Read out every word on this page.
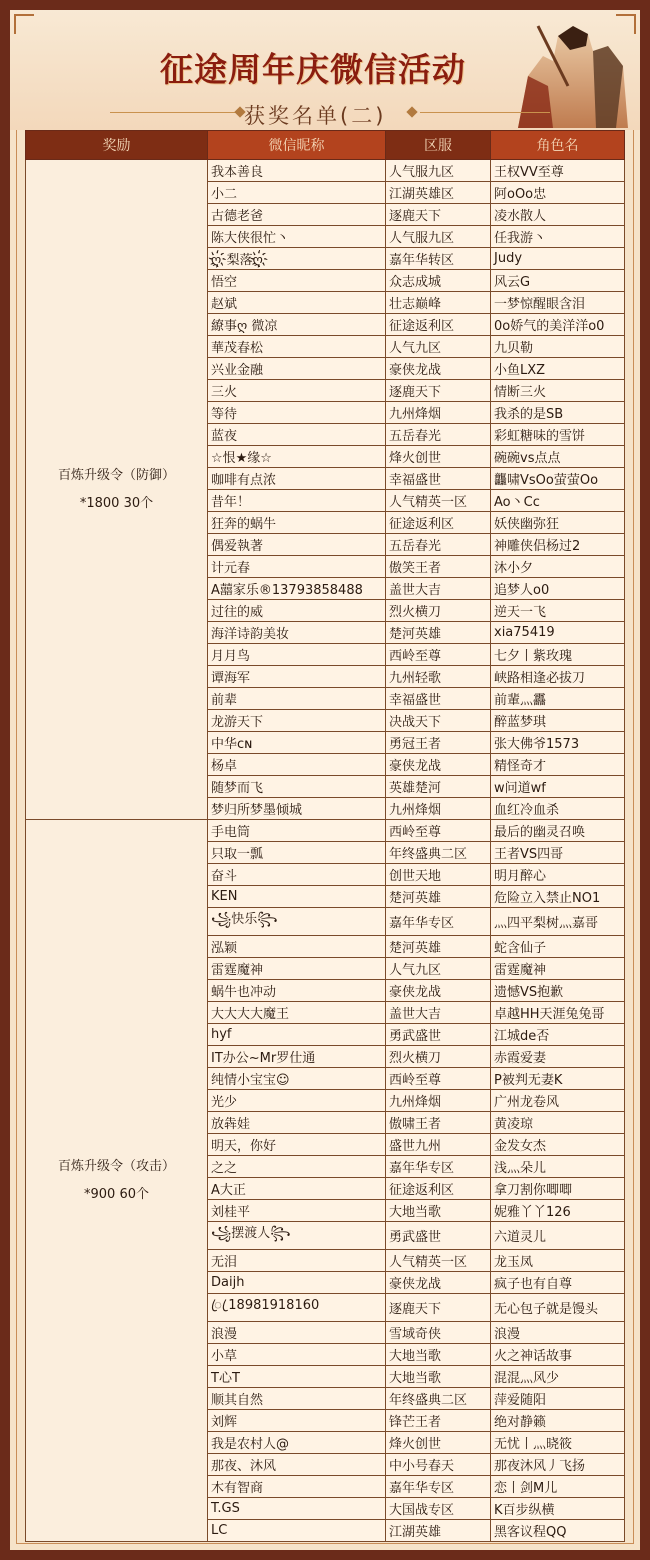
征途周年庆微信活动
获奖名单(二)
奖励	微信昵称	区服	角色名

百炼升级令（防御）
*1800 30个	我本善良	人气服九区	王权VV至尊
	小二	江湖英雄区	阿oOo忠
	古德老爸	逐鹿天下	凌水散人
	陈大侠很忙丶	人气服九区	任我游丶
	ღ҉梨落ღ҉	嘉年华转区	Judy
	悟空	众志成城	风云G
	赵斌	壮志巅峰	一梦惊醒眼含泪
	繚事ღ 微凉	征途返利区	0o娇气的美洋洋o0
	華茂春松	人气九区	九贝勒
	兴业金融	豪侠龙战	小鱼LXZ
	三火	逐鹿天下	情断三火
	等待	九州烽烟	我杀的是SB
	蓝夜	五岳春光	彩虹糖味的雪饼
	☆恨★缘☆	烽火创世	碗碗vs点点
	咖啡有点浓	幸福盛世	龘啸VsOo萤萤Oo
	昔年！	人气精英一区	Ao丶Cc
	狂奔的蜗牛	征途返利区	妖侠幽弥狂
	偶爱執著	五岳春光	神雕侠侣杨过2
	计元春	傲笑王者	沐小夕
	A囍家乐®13793858488	盖世大吉	追梦人o0
	过往的威	烈火横刀	逆天一飞
	海洋诗韵美妆	楚河英雄	xia75419
	月月鸟	西岭至尊	七夕丨紫玫瑰
	谭海军	九州轻歌	峡路相逢必拔刀
	前辈	幸福盛世	前輩灬靐
	龙游天下	决战天下	醉蓝梦琪
	中华ᴄɴ	勇冠王者	张大佛爷1573
	杨卓	豪侠龙战	精怪奇才
	随梦而飞	英雄楚河	w问道wf
	梦归所梦墨倾城	九州烽烟	血红冷血杀

百炼升级令（攻击）
*900 60个	手电筒	西岭至尊	最后的幽灵召唤
	只取一瓢	年终盛典二区	王者VS四哥
	奋斗	创世天地	明月醉心
	KEN	楚河英雄	危险立入禁止NO1
	꧁快乐꧂	嘉年华专区	灬四平梨树灬嘉哥
	泓颖	楚河英雄	蛇含仙子
	雷霆魔神	人气九区	雷霆魔神
	蜗牛也冲动	豪侠龙战	遗憾VS抱歉
	大大大大魔王	盖世大吉	卓越HH天涯兔兔哥
	hyf	勇武盛世	江城de否
	IT办公~Mr罗仕通	烈火横刀	赤霞爱妻
	纯情小宝宝☺	西岭至尊	P被判无妻K
	光少	九州烽烟	广州龙卷风
	放犇娃	傲啸王者	黄凌琼
	明天，你好	盛世九州	金发女杰
	之之	嘉年华专区	浅灬朵儿
	A大正	征途返利区	拿刀割你唧唧
	刘桂平	大地当歌	妮雅丫丫126
	꧁摆渡人꧂	勇武盛世	六道灵儿
	无泪	人气精英一区	龙玉凤
	Daijh	豪侠龙战	疯子也有自尊
	ꦿ ꦿ18981918160	逐鹿天下	无心包子就是馒头
	浪漫	雪域奇侠	浪漫
	小草	大地当歌	火之神话故事
	T心T	大地当歌	混混灬风少
	顺其自然	年终盛典二区	萍爱随阳
	刘辉	锋芒王者	绝对静籁
	我是农村人@	烽火创世	无忧丨灬晓筱
	那夜、沐风	中小号春天	那夜沐风丿飞扬
	木有智商	嘉年华专区	恋丨剑M儿
	T.GS	大国战专区	K百步纵横
	LC	江湖英雄	黑客议程QQ
